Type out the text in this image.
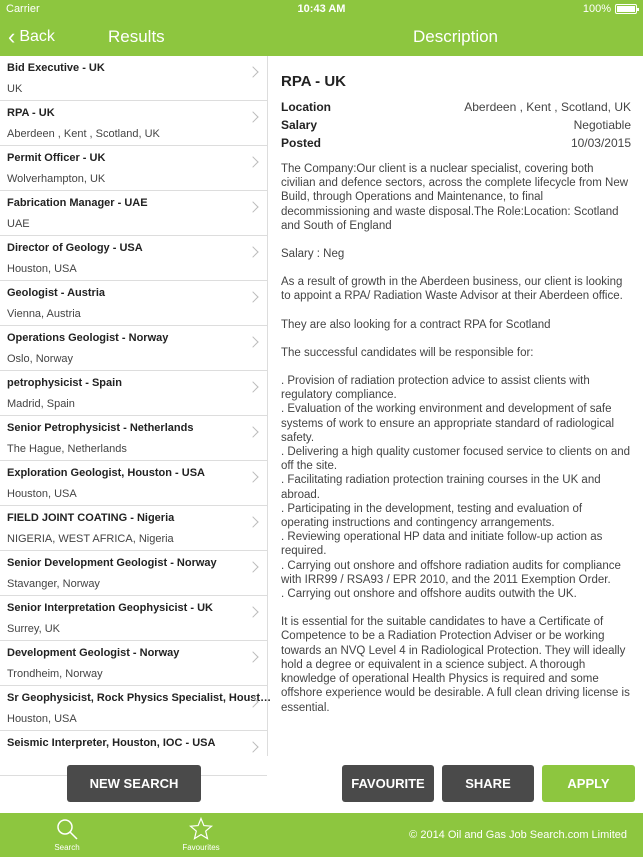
Carrier	10:43 AM	100%
‹ Back	Results	Description
Bid Executive - UK
UK
RPA - UK
Aberdeen , Kent , Scotland, UK
Permit Officer - UK
Wolverhampton, UK
Fabrication Manager - UAE
UAE
Director of Geology - USA
Houston, USA
Geologist - Austria
Vienna, Austria
Operations Geologist - Norway
Oslo, Norway
petrophysicist - Spain
Madrid, Spain
Senior Petrophysicist - Netherlands
The Hague, Netherlands
Exploration Geologist, Houston - USA
Houston, USA
FIELD JOINT COATING - Nigeria
NIGERIA, WEST AFRICA, Nigeria
Senior Development Geologist - Norway
Stavanger, Norway
Senior Interpretation Geophysicist - UK
Surrey, UK
Development Geologist - Norway
Trondheim, Norway
Sr Geophysicist, Rock Physics Specialist, Houst…
Houston, USA
Seismic Interpreter, Houston, IOC - USA
RPA - UK
Location	Aberdeen , Kent , Scotland, UK
Salary	Negotiable
Posted	10/03/2015

The Company:Our client is a nuclear specialist, covering both civilian and defence sectors, across the complete lifecycle from New Build, through Operations and Maintenance, to final decommissioning and waste disposal.The Role:Location: Scotland and South of England

Salary : Neg

As a result of growth in the Aberdeen business, our client is looking to appoint a RPA/ Radiation Waste Advisor at their Aberdeen office.

They are also looking for a contract RPA for Scotland

The successful candidates will be responsible for:

. Provision of radiation protection advice to assist clients with regulatory compliance.
. Evaluation of the working environment and development of safe systems of work to ensure an appropriate standard of radiological safety.
. Delivering a high quality customer focused service to clients on and off the site.
. Facilitating radiation protection training courses in the UK and abroad.
. Participating in the development, testing and evaluation of operating instructions and contingency arrangements.
. Reviewing operational HP data and initiate follow-up action as required.
. Carrying out onshore and offshore radiation audits for compliance with IRR99 / RSA93 / EPR 2010, and the 2011 Exemption Order.
. Carrying out onshore and offshore audits outwith the UK.

It is essential for the suitable candidates to have a Certificate of Competence to be a Radiation Protection Adviser or be working towards an NVQ Level 4 in Radiological Protection. They will ideally hold a degree or equivalent in a science subject. A thorough knowledge of operational Health Physics is required and some offshore experience would be desirable. A full clean driving license is essential.

NEW SEARCH	FAVOURITE	SHARE	APPLY
Search	Favourites
© 2014 Oil and Gas Job Search.com Limited
